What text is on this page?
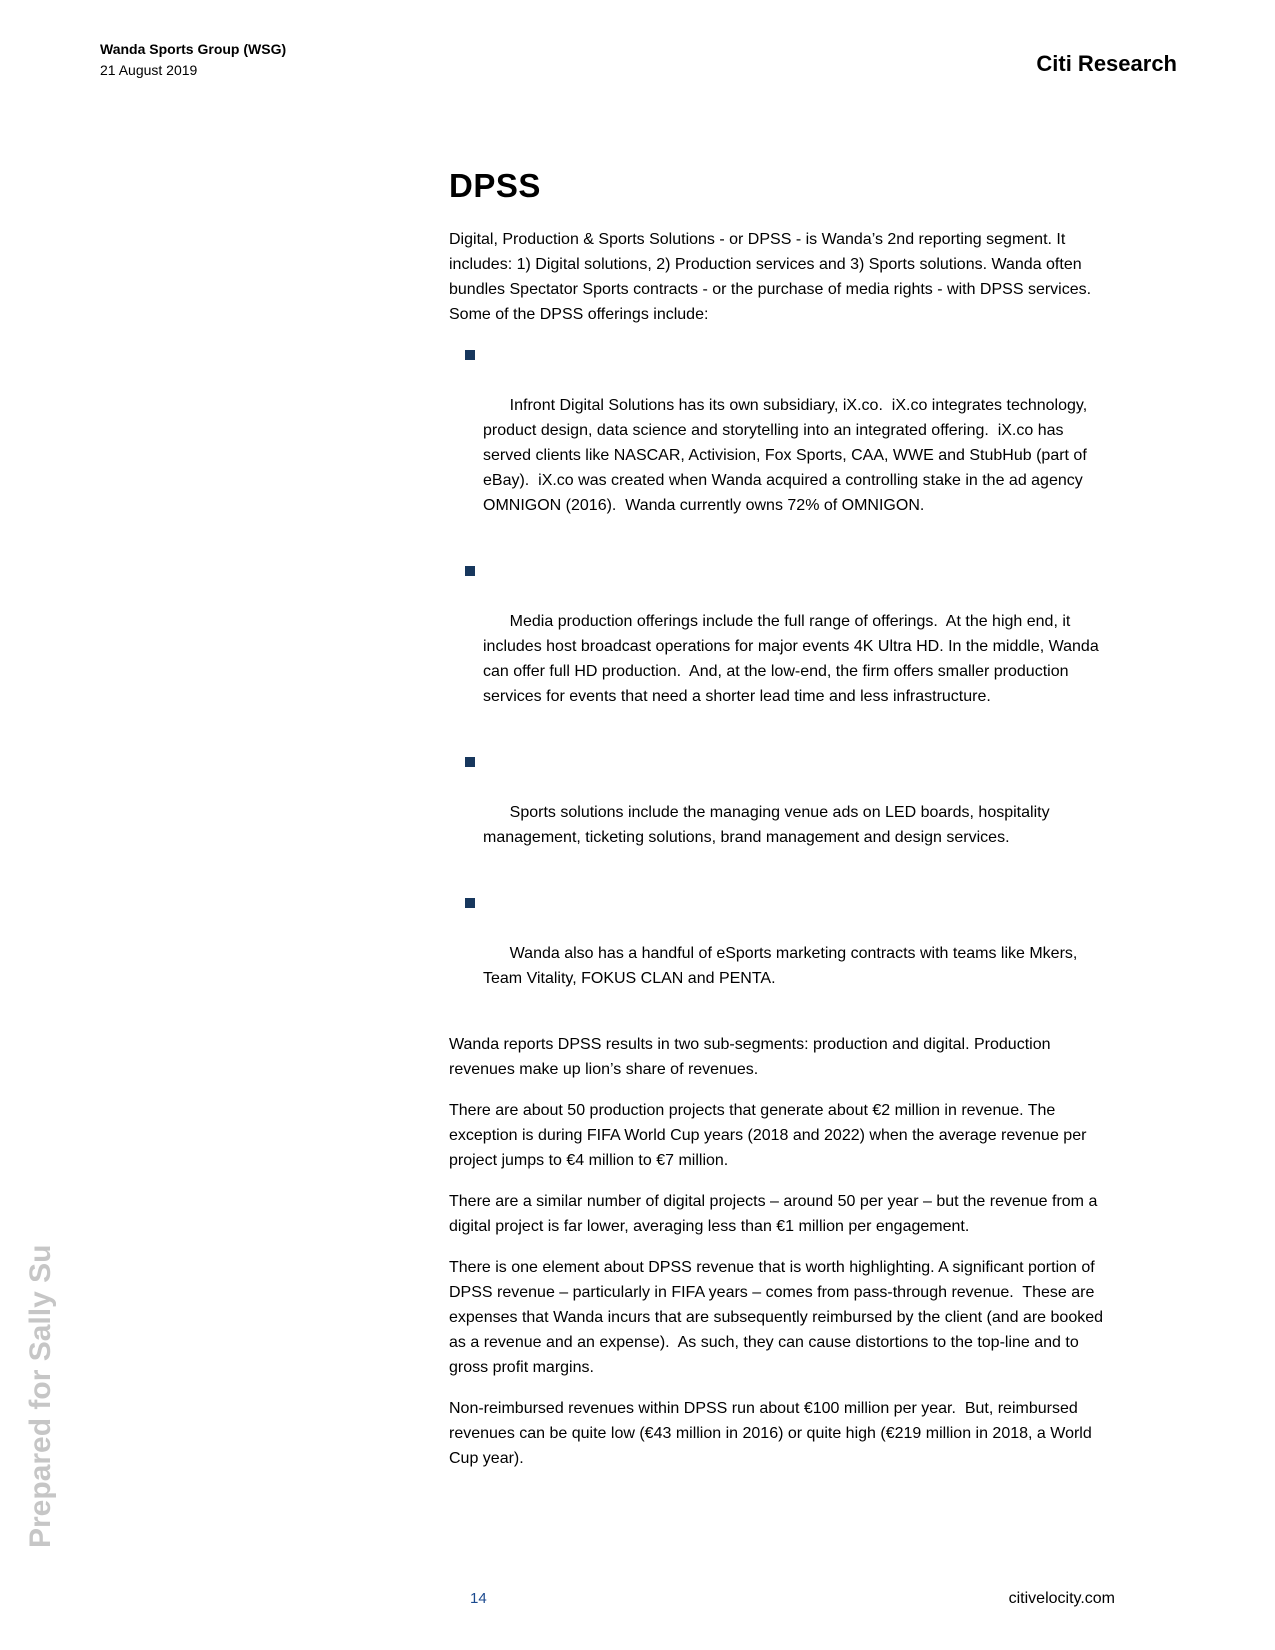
Wanda Sports Group (WSG)
21 August 2019	Citi Research
DPSS

Digital, Production & Sports Solutions - or DPSS - is Wanda’s 2nd reporting segment. It includes: 1) Digital solutions, 2) Production services and 3) Sports solutions. Wanda often bundles Spectator Sports contracts - or the purchase of media rights - with DPSS services. Some of the DPSS offerings include:

Infront Digital Solutions has its own subsidiary, iX.co.  iX.co integrates technology, product design, data science and storytelling into an integrated offering.  iX.co has served clients like NASCAR, Activision, Fox Sports, CAA, WWE and StubHub (part of eBay).  iX.co was created when Wanda acquired a controlling stake in the ad agency OMNIGON (2016).  Wanda currently owns 72% of OMNIGON.

Media production offerings include the full range of offerings.  At the high end, it includes host broadcast operations for major events 4K Ultra HD. In the middle, Wanda can offer full HD production.  And, at the low-end, the firm offers smaller production services for events that need a shorter lead time and less infrastructure.

Sports solutions include the managing venue ads on LED boards, hospitality management, ticketing solutions, brand management and design services.

Wanda also has a handful of eSports marketing contracts with teams like Mkers, Team Vitality, FOKUS CLAN and PENTA.

Wanda reports DPSS results in two sub-segments: production and digital. Production revenues make up lion’s share of revenues.

There are about 50 production projects that generate about €2 million in revenue. The exception is during FIFA World Cup years (2018 and 2022) when the average revenue per project jumps to €4 million to €7 million.

There are a similar number of digital projects – around 50 per year – but the revenue from a digital project is far lower, averaging less than €1 million per engagement.

There is one element about DPSS revenue that is worth highlighting. A significant portion of DPSS revenue – particularly in FIFA years – comes from pass-through revenue.  These are expenses that Wanda incurs that are subsequently reimbursed by the client (and are booked as a revenue and an expense).  As such, they can cause distortions to the top-line and to gross profit margins.

Non-reimbursed revenues within DPSS run about €100 million per year.  But, reimbursed revenues can be quite low (€43 million in 2016) or quite high (€219 million in 2018, a World Cup year).

Prepared for Sally Su
14	citivelocity.com
